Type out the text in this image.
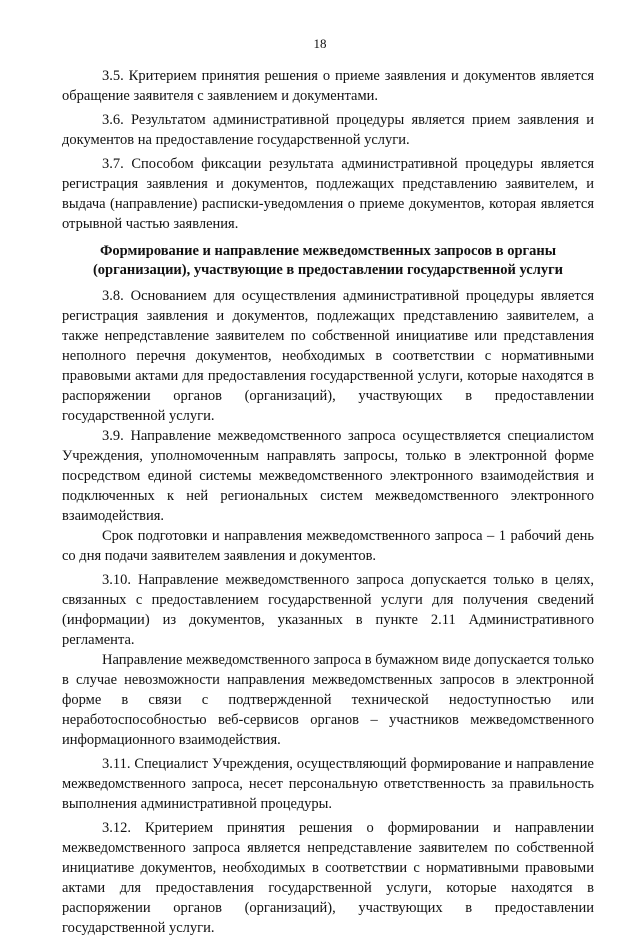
18

3.5. Критерием принятия решения о приеме заявления и документов является обращение заявителя с заявлением и документами.

3.6. Результатом административной процедуры является прием заявления и документов на предоставление государственной услуги.

3.7. Способом фиксации результата административной процедуры является регистрация заявления и документов, подлежащих представлению заявителем, и выдача (направление) расписки-уведомления о приеме документов, которая является отрывной частью заявления.

Формирование и направление межведомственных запросов в органы (организации), участвующие в предоставлении государственной услуги

3.8. Основанием для осуществления административной процедуры является регистрация заявления и документов, подлежащих представлению заявителем, а также непредставление заявителем по собственной инициативе или представления неполного перечня документов, необходимых в соответствии с нормативными правовыми актами для предоставления государственной услуги, которые находятся в распоряжении органов (организаций), участвующих в предоставлении государственной услуги.

3.9. Направление межведомственного запроса осуществляется специалистом Учреждения, уполномоченным направлять запросы, только в электронной форме посредством единой системы межведомственного электронного взаимодействия и подключенных к ней региональных систем межведомственного электронного взаимодействия.

Срок подготовки и направления межведомственного запроса – 1 рабочий день со дня подачи заявителем заявления и документов.

3.10. Направление межведомственного запроса допускается только в целях, связанных с предоставлением государственной услуги для получения сведений (информации) из документов, указанных в пункте 2.11 Административного регламента.

Направление межведомственного запроса в бумажном виде допускается только в случае невозможности направления межведомственных запросов в электронной форме в связи с подтвержденной технической недоступностью или неработоспособностью веб-сервисов органов – участников межведомственного информационного взаимодействия.

3.11. Специалист Учреждения, осуществляющий формирование и направление межведомственного запроса, несет персональную ответственность за правильность выполнения административной процедуры.

3.12. Критерием принятия решения о формировании и направлении межведомственного запроса является непредставление заявителем по собственной инициативе документов, необходимых в соответствии с нормативными правовыми актами для предоставления государственной услуги, которые находятся в распоряжении органов (организаций), участвующих в предоставлении государственной услуги.
